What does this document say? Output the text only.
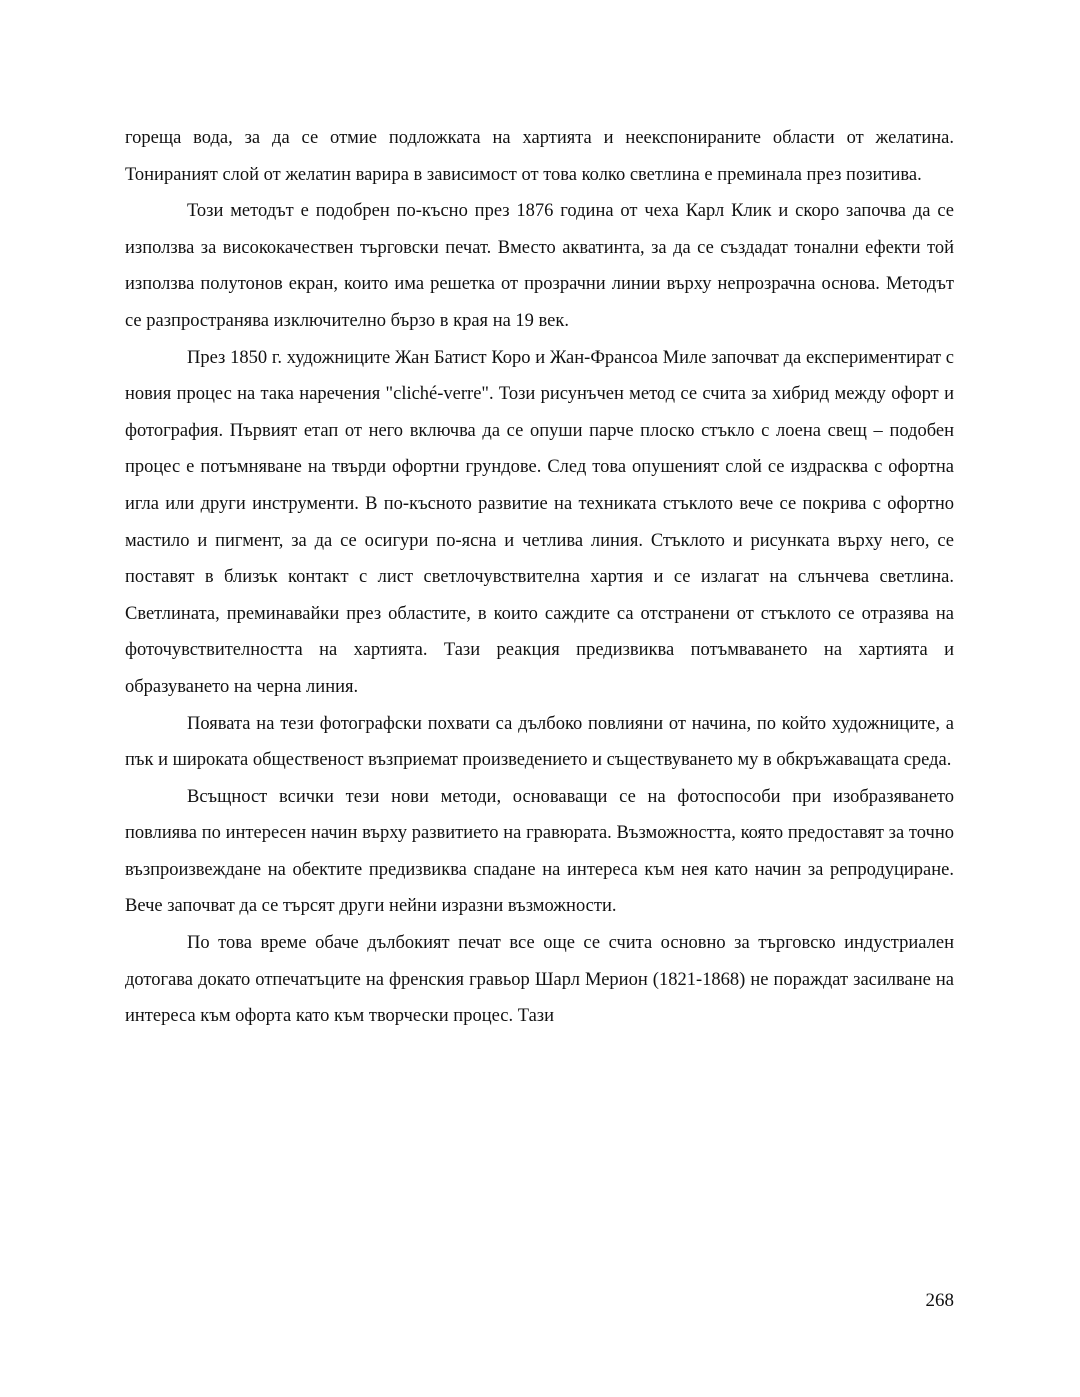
гореща вода, за да се отмие подложката на хартията и неекспонираните области от желатина. Тонираният слой от желатин варира в зависимост от това колко светлина е преминала през позитива.

Този методът е подобрен по-късно през 1876 година от чеха Карл Клик и скоро започва да се използва за висококачествен търговски печат. Вместо акватинта, за да се създадат тонални ефекти той използва полутонов екран, които има решетка от прозрачни линии върху непрозрачна основа. Методът се разпространява изключително бързо в края на 19 век.

През 1850 г. художниците Жан Батист Коро и Жан-Франсоа Миле започват да експериментират с новия процес на така наречения "cliché-verre". Този рисунъчен метод се счита за хибрид между офорт и фотография. Първият етап от него включва да се опуши парче плоско стъкло с лоена свещ – подобен процес е потъмняване на твърди офортни грундове. След това опушеният слой се издрасква с офортна игла или други инструменти. В по-късното развитие на техниката стъклото вече се покрива с офортно мастило и пигмент, за да се осигури по-ясна и четлива линия. Стъклото и рисунката върху него, се поставят в близък контакт с лист светлочувствителна хартия и се излагат на слънчева светлина. Светлината, преминавайки през областите, в които саждите са отстранени от стъклото се отразява на фоточувствителността на хартията. Тази реакция предизвиква потъмваването на хартията и образуването на черна линия.

Появата на тези фотографски похвати са дълбоко повлияни от начина, по който художниците, а пък и широката общественост възприемат произведението и съществуването му в обкръжаващата среда.

Всъщност всички тези нови методи, основаващи се на фотоспособи при изобразяването повлиява по интересен начин върху развитието на гравюрата. Възможността, която предоставят за точно възпроизвеждане на обектите предизвиква спадане на интереса към нея като начин за репродуциране. Вече започват да се търсят други нейни изразни възможности.

По това време обаче дълбокият печат все още се счита основно за търговско индустриален дотогава докато отпечатъците на френския гравьор Шарл Мерион (1821-1868) не пораждат засилване на интереса към офорта като към творчески процес. Тази

268
